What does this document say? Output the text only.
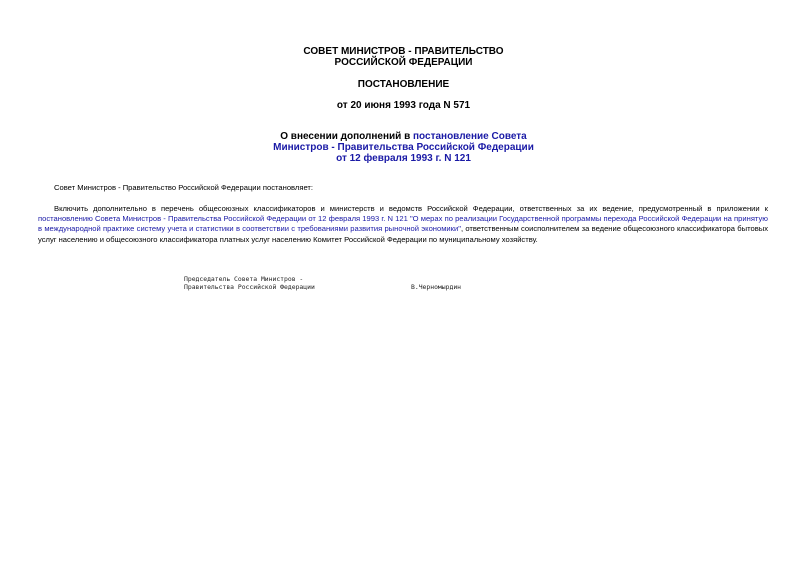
СОВЕТ МИНИСТРОВ - ПРАВИТЕЛЬСТВО

РОССИЙСКОЙ ФЕДЕРАЦИИ

ПОСТАНОВЛЕНИЕ

от 20 июня 1993 года N 571

О внесении дополнений в постановление Совета

Министров - Правительства Российской Федерации

от 12 февраля 1993 г. N 121

Совет Министров - Правительство Российской Федерации постановляет:

Включить дополнительно в перечень общесоюзных классификаторов и министерств и ведомств Российской Федерации, ответственных за их ведение, предусмотренный в приложении к постановлению Совета Министров - Правительства Российской Федерации от 12 февраля 1993 г. N 121 "О мерах по реализации Государственной программы перехода Российской Федерации на принятую в международной практике систему учета и статистики в соответствии с требованиями развития рыночной экономики", ответственным соисполнителем за ведение общесоюзного классификатора бытовых услуг населению и общесоюзного классификатора платных услуг населению Комитет Российской Федерации по муниципальному хозяйству.

Председатель Совета Министров -

Правительства Российской Федерации	В.Черномырдин
